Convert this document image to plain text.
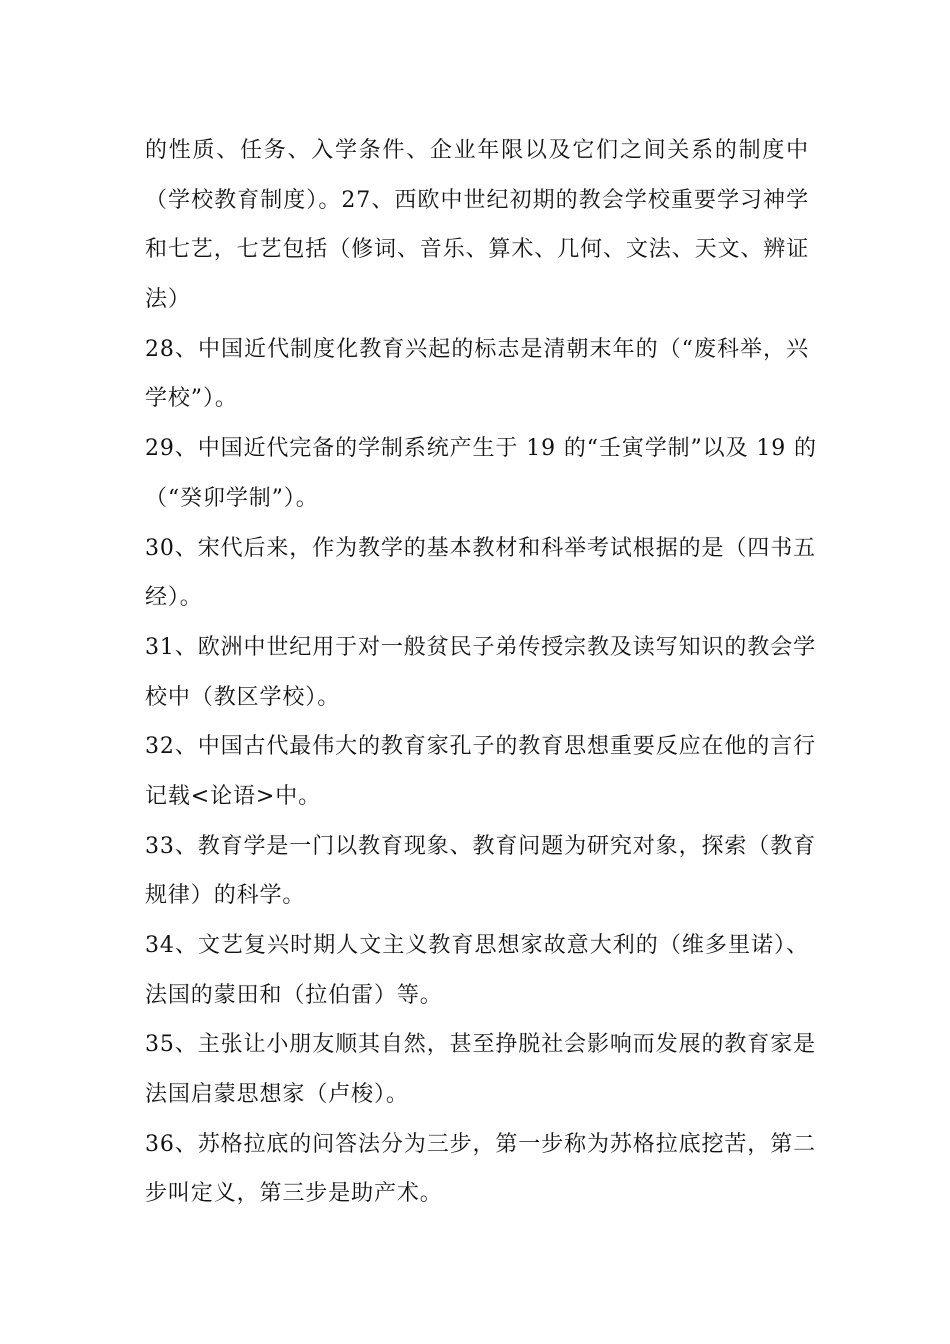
的性质、任务、入学条件、企业年限以及它们之间关系的制度中
（学校教育制度）。27、西欧中世纪初期的教会学校重要学习神学
和七艺，七艺包括（修词、音乐、算术、几何、文法、天文、辨证
法）
28、中国近代制度化教育兴起的标志是清朝末年的（“废科举，兴
学校”）。
29、中国近代完备的学制系统产生于 19 的“壬寅学制”以及 19 的
（“癸卯学制”）。
30、宋代后来，作为教学的基本教材和科举考试根据的是（四书五
经）。
31、欧洲中世纪用于对一般贫民子弟传授宗教及读写知识的教会学
校中（教区学校）。
32、中国古代最伟大的教育家孔子的教育思想重要反应在他的言行
记载<论语>中。
33、教育学是一门以教育现象、教育问题为研究对象，探索（教育
规律）的科学。
34、文艺复兴时期人文主义教育思想家故意大利的（维多里诺）、
法国的蒙田和（拉伯雷）等。
35、主张让小朋友顺其自然，甚至挣脱社会影响而发展的教育家是
法国启蒙思想家（卢梭）。
36、苏格拉底的问答法分为三步，第一步称为苏格拉底挖苦，第二
步叫定义，第三步是助产术。
